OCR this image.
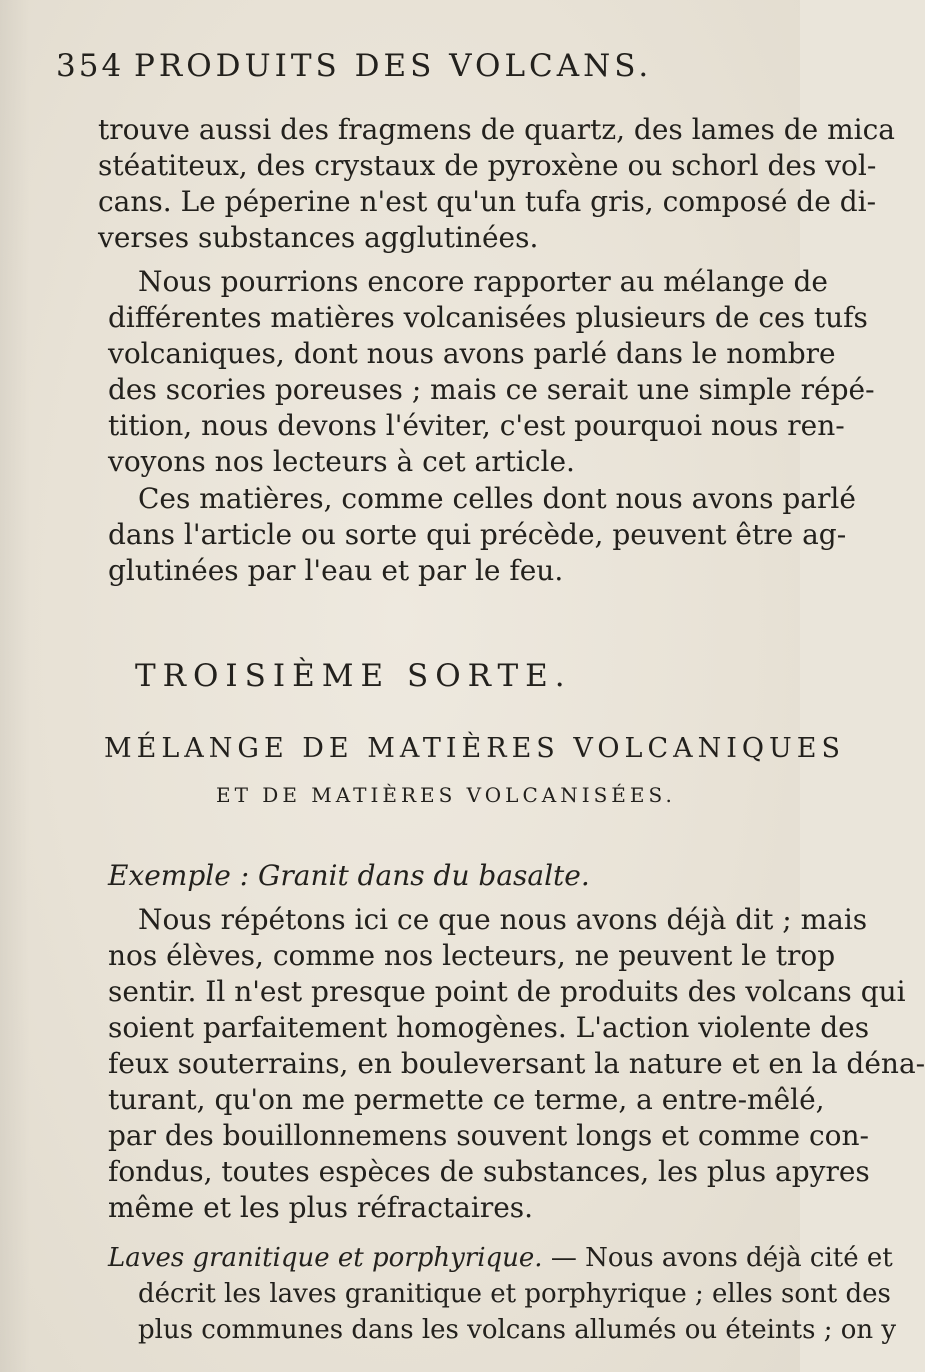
354 PRODUITS DES VOLCANS.
trouve aussi des fragmens de quartz, des lames de mica
stéatiteux, des crystaux de pyroxène ou schorl des vol-
cans. Le péperine n'est qu'un tufa gris, composé de di-
verses substances agglutinées.
Nous pourrions encore rapporter au mélange de
différentes matières volcanisées plusieurs de ces tufs
volcaniques, dont nous avons parlé dans le nombre
des scories poreuses ; mais ce serait une simple répé-
tition, nous devons l'éviter, c'est pourquoi nous ren-
voyons nos lecteurs à cet article.
Ces matières, comme celles dont nous avons parlé
dans l'article ou sorte qui précède, peuvent être ag-
glutinées par l'eau et par le feu.
TROISIÈME SORTE.
MÉLANGE DE MATIÈRES VOLCANIQUES
ET DE MATIÈRES VOLCANISÉES.
Exemple : Granit dans du basalte.
Nous répétons ici ce que nous avons déjà dit ; mais
nos élèves, comme nos lecteurs, ne peuvent le trop
sentir. Il n'est presque point de produits des volcans qui
soient parfaitement homogènes. L'action violente des
feux souterrains, en bouleversant la nature et en la déna-
turant, qu'on me permette ce terme, a entre-mêlé,
par des bouillonnemens souvent longs et comme con-
fondus, toutes espèces de substances, les plus apyres
même et les plus réfractaires.
Laves granitique et porphyrique. — Nous avons déjà cité et
décrit les laves granitique et porphyrique ; elles sont des
plus communes dans les volcans allumés ou éteints ; on y
